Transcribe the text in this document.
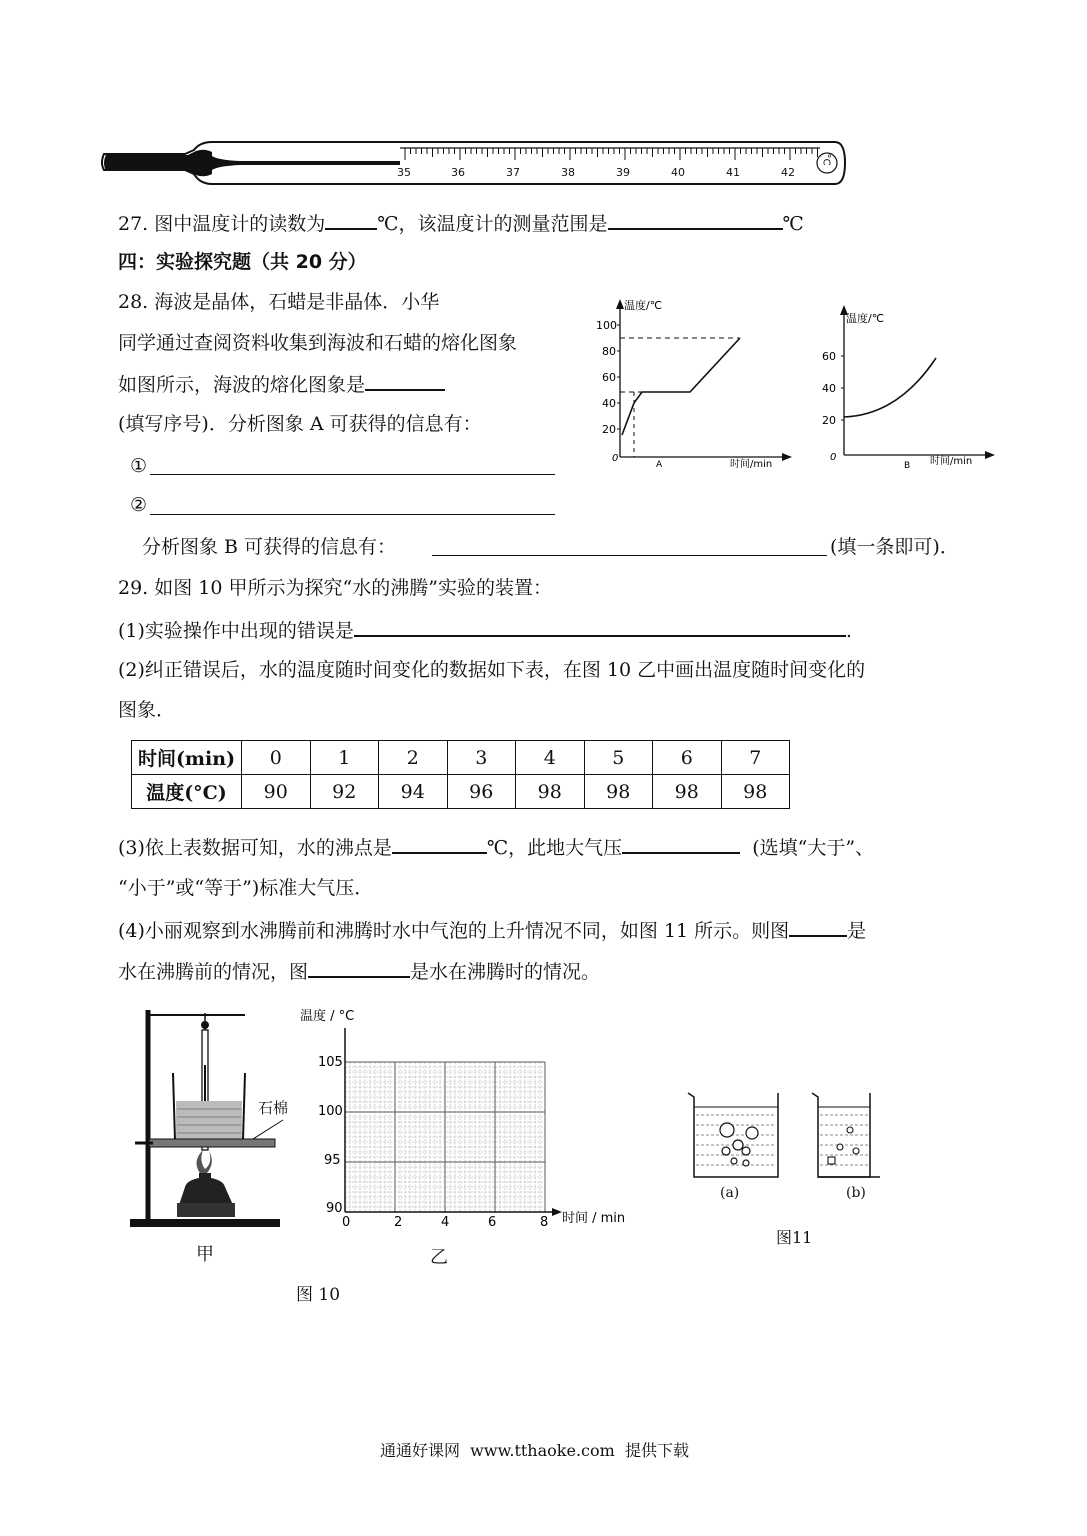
35	36	37	38	39	40	41	42
°C
27. 图中温度计的读数为	℃，该温度计的测量范围是	℃
四：实验探究题（共 20 分）
28. 海波是晶体，石蜡是非晶体．小华
同学通过查阅资料收集到海波和石蜡的熔化图象
如图所示，海波的熔化图象是
(填写序号)．分析图象 A 可获得的信息有：
①
②
分析图象 B 可获得的信息有：	(填一条即可)．
A
0
温度/℃
时间/min
100
80
60
40
20
B
0
温度/℃
时间/min
60
40
20
29. 如图 10 甲所示为探究“水的沸腾”实验的装置：
(1)实验操作中出现的错误是	.
(2)纠正错误后，水的温度随时间变化的数据如下表，在图 10 乙中画出温度随时间变化的
图象．
时间(min)	0	1	2	3	4	5	6	7
温度(°C)	90	92	94	96	98	98	98	98
(3)依上表数据可知，水的沸点是	℃，此地大气压	(选填“大于”、
“小于”或“等于”)标准大气压．
(4)小丽观察到水沸腾前和沸腾时水中气泡的上升情况不同，如图 11 所示。则图	是
水在沸腾前的情况，图	是水在沸腾时的情况。
石棉
甲
温度 / °C
时间 / min
105
100
95
90
0	2	4	6	8
乙
图 10
(a)	(b)
图11
通通好课网  www.tthaoke.com  提供下载
